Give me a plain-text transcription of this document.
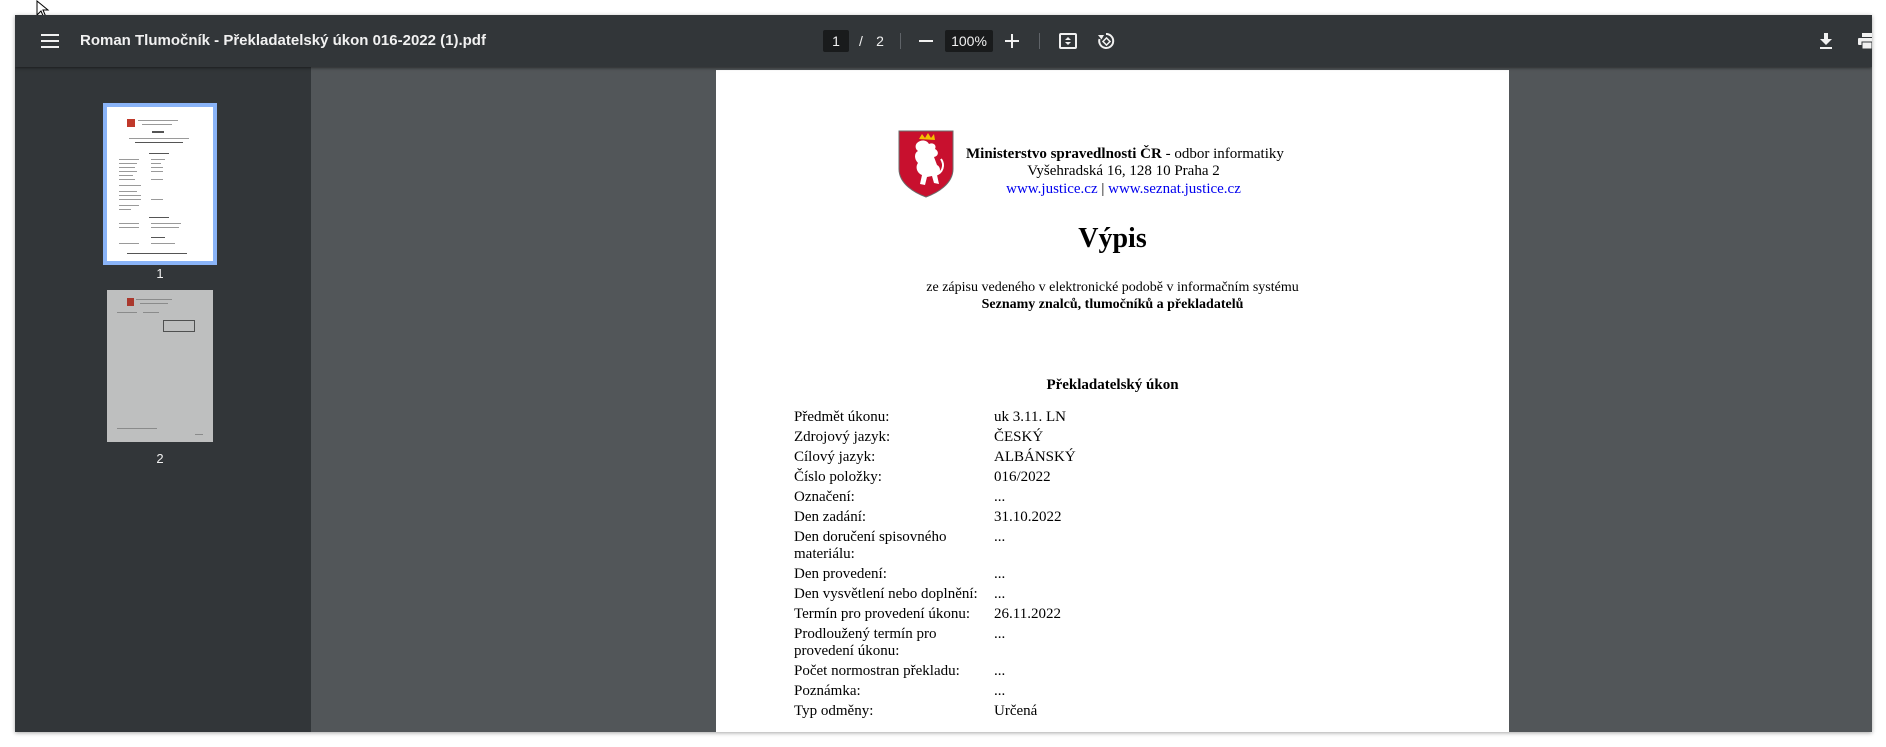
Roman Tlumočník - Překladatelský úkon 016-2022 (1).pdf	1	/ 2	100%
1
2
Ministerstvo spravedlnosti ČR - odbor informatiky
Vyšehradská 16, 128 10 Praha 2
www.justice.cz | www.seznat.justice.cz
Výpis
ze zápisu vedeného v elektronické podobě v informačním systému
Seznamy znalců, tlumočníků a překladatelů
Překladatelský úkon
Předmět úkonu:	uk 3.11. LN
Zdrojový jazyk:	ČESKÝ
Cílový jazyk:	ALBÁNSKÝ
Číslo položky:	016/2022
Označení:	...
Den zadání:	31.10.2022
Den doručení spisovného materiálu:
...
Den provedení:	...
Den vysvětlení nebo doplnění:	...
Termín pro provedení úkonu:	26.11.2022
Prodloužený termín pro provedení úkonu:
...
Počet normostran překladu:	...
Poznámka:	...
Typ odměny:	Určená
